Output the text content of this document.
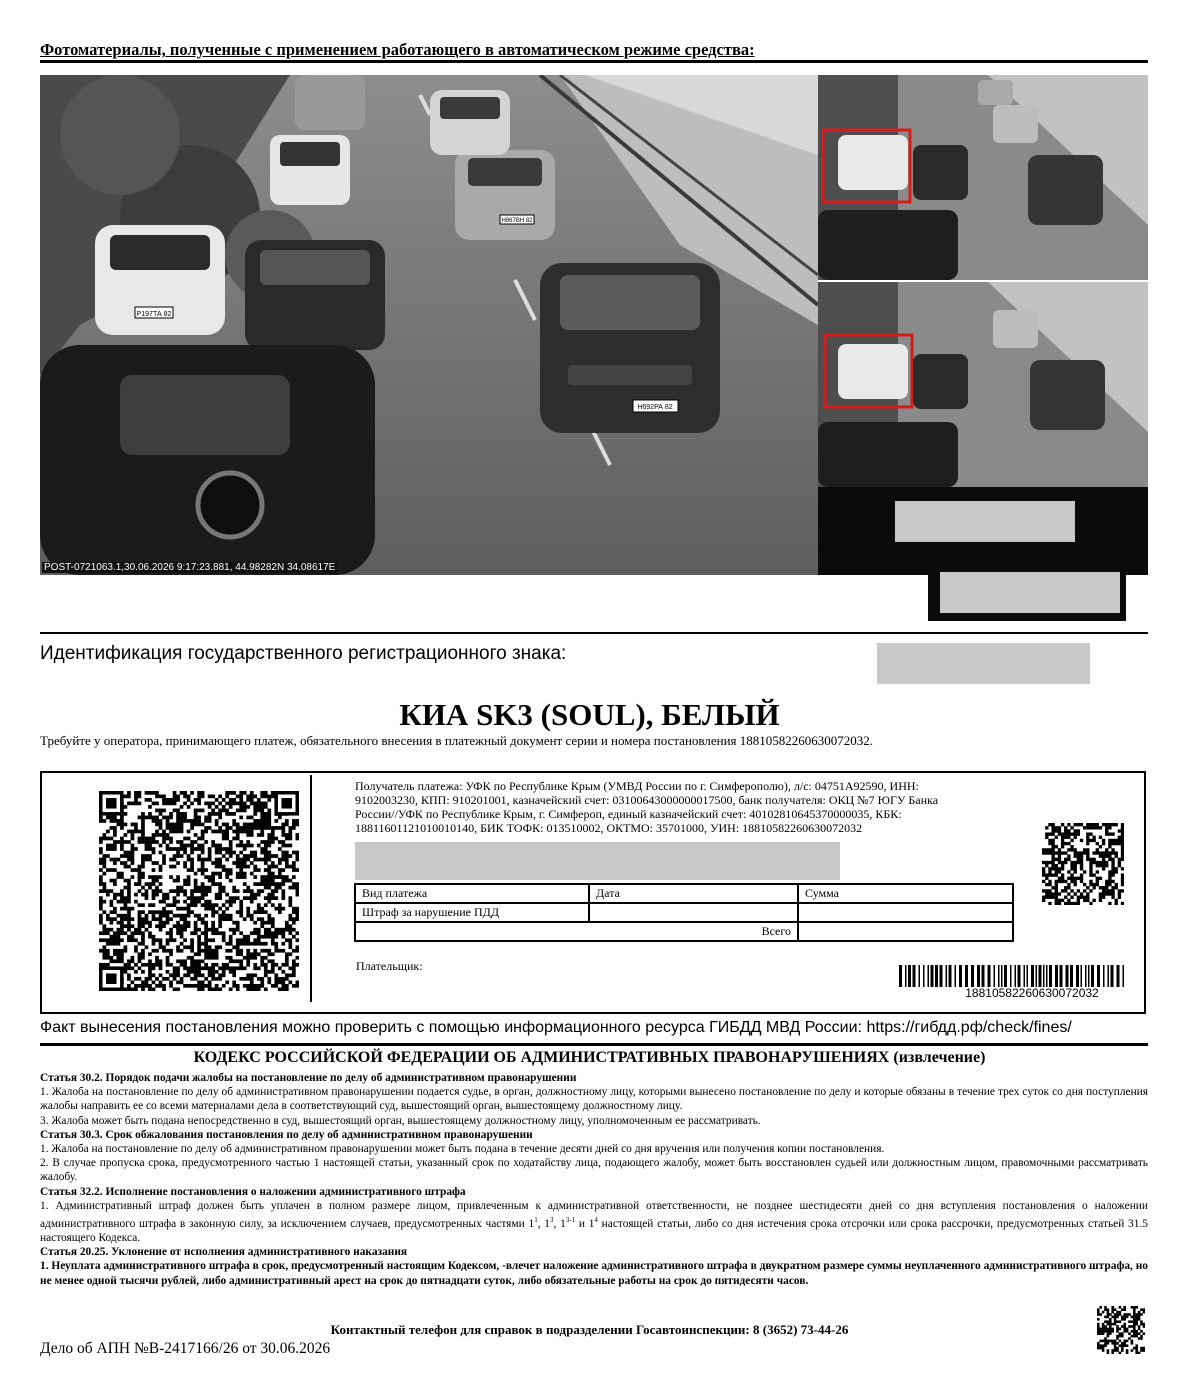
Фотоматериалы, полученные с применением работающего в автоматическом режиме средства:
Р197ТА 82
Н692РА 82
Н867ВН 82
POST-0721063.1,30.06.2026 9:17:23.881, 44.98282N 34.08617E
Идентификация государственного регистрационного знака:
КИА SK3 (SOUL), БЕЛЫЙ
Требуйте у оператора, принимающего платеж, обязательного внесения в платежный документ серии и номера постановления 18810582260630072032.
Получатель платежа: УФК по Республике Крым (УМВД России по г. Симферополю), л/с: 04751А92590, ИНН:
9102003230, КПП: 910201001, казначейский счет: 03100643000000017500, банк получателя: ОКЦ №7 ЮГУ Банка
России//УФК по Республике Крым, г. Симфероп, единый казначейский счет: 40102810645370000035, КБК:
18811601121010010140, БИК ТОФК: 013510002, ОКТМО: 35701000, УИН: 18810582260630072032
Вид платежа	Дата	Сумма
Штраф за нарушение ПДД		
Всего		
Плательщик:
18810582260630072032
Факт вынесения постановления можно проверить с помощью информационного ресурса ГИБДД МВД России: https://гибдд.рф/check/fines/
КОДЕКС РОССИЙСКОЙ ФЕДЕРАЦИИ ОБ АДМИНИСТРАТИВНЫХ ПРАВОНАРУШЕНИЯХ (извлечение)

Статья 30.2. Порядок подачи жалобы на постановление по делу об административном правонарушении

1. Жалоба на постановление по делу об административном правонарушении подается судье, в орган, должностному лицу, которыми вынесено постановление по делу и которые обязаны в течение трех суток со дня поступления жалобы направить ее со всеми материалами дела в соответствующий суд, вышестоящий орган, вышестоящему должностному лицу.

3. Жалоба может быть подана непосредственно в суд, вышестоящий орган, вышестоящему должностному лицу, уполномоченным ее рассматривать.

Статья 30.3. Срок обжалования постановления по делу об административном правонарушении

1. Жалоба на постановление по делу об административном правонарушении может быть подана в течение десяти дней со дня вручения или получения копии постановления.

2. В случае пропуска срока, предусмотренного частью 1 настоящей статьи, указанный срок по ходатайству лица, подающего жалобу, может быть восстановлен судьей или должностным лицом, правомочными рассматривать жалобу.

Статья 32.2. Исполнение постановления о наложении административного штрафа

1. Административный штраф должен быть уплачен в полном размере лицом, привлеченным к административной ответственности, не позднее шестидесяти дней со дня вступления постановления о наложении административного штрафа в законную силу, за исключением случаев, предусмотренных частями $1^1$, $1^3$, 1$^{3-1}$ и $1^4$ настоящей статьи, либо со дня истечения срока отсрочки или срока рассрочки, предусмотренных статьей 31.5 настоящего Кодекса.

Статья 20.25. Уклонение от исполнения административного наказания

1. Неуплата административного штрафа в срок, предусмотренный настоящим Кодексом, -влечет наложение административного штрафа в двукратном размере суммы неуплаченного административного штрафа, но не менее одной тысячи рублей, либо административный арест на срок до пятнадцати суток, либо обязательные работы на срок до пятидесяти часов.

Контактный телефон для справок в подразделении Госавтоинспекции: 8 (3652) 73-44-26
Дело об АПН №В-2417166/26 от 30.06.2026
